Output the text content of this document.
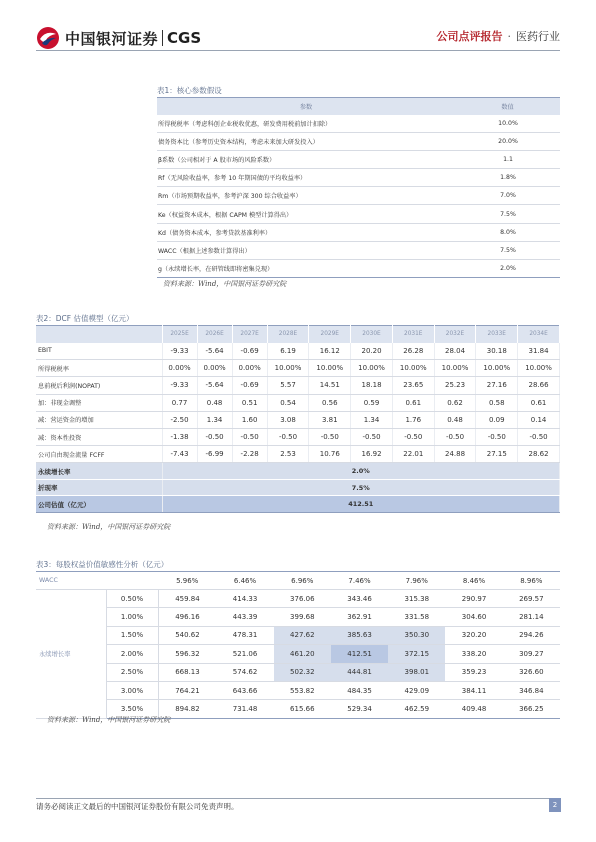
中国银河证券 CGS	公司点评报告 · 医药行业
表1：核心参数假设
参数	数值
所得税税率（考虑科创企业税收优惠，研发费用税前加计扣除）	10.0%
债务资本比（参考历史资本结构，考虑未来加大研发投入）	20.0%
β系数（公司相对于 A 股市场的风险系数）	1.1
Rf（无风险收益率，参考 10 年期国债的平均收益率）	1.8%
Rm（市场预期收益率，参考沪深 300 综合收益率）	7.0%
Ke（权益资本成本，根据 CAPM 模型计算得出）	7.5%
Kd（债务资本成本，参考贷款基准利率）	8.0%
WACC（根据上述参数计算得出）	7.5%
g（永续增长率，在研管线即将密集兑现）	2.0%
资料来源：Wind，中国银河证券研究院
表2：DCF 估值模型（亿元）
	2025E	2026E	2027E	2028E	2029E	2030E	2031E	2032E	2033E	2034E
EBIT	-9.33	-5.64	-0.69	6.19	16.12	20.20	26.28	28.04	30.18	31.84
所得税税率	0.00%	0.00%	0.00%	10.00%	10.00%	10.00%	10.00%	10.00%	10.00%	10.00%
息前税后利润(NOPAT)	-9.33	-5.64	-0.69	5.57	14.51	18.18	23.65	25.23	27.16	28.66
加：非现金调整	0.77	0.48	0.51	0.54	0.56	0.59	0.61	0.62	0.58	0.61
减：营运资金的增加	-2.50	1.34	1.60	3.08	3.81	1.34	1.76	0.48	0.09	0.14
减：资本性投资	-1.38	-0.50	-0.50	-0.50	-0.50	-0.50	-0.50	-0.50	-0.50	-0.50
公司自由现金流量 FCFF	-7.43	-6.99	-2.28	2.53	10.76	16.92	22.01	24.88	27.15	28.62
永续增长率	2.0%									
折现率	7.5%									
公司估值（亿元）	412.51									
资料来源：Wind，中国银河证券研究院
表3：每股权益价值敏感性分析（亿元）
WACC		5.96%	6.46%	6.96%	7.46%	7.96%	8.46%	8.96%
永续增长率	0.50%	459.84	414.33	376.06	343.46	315.38	290.97	269.57
	1.00%	496.16	443.39	399.68	362.91	331.58	304.60	281.14
	1.50%	540.62	478.31	427.62	385.63	350.30	320.20	294.26
	2.00%	596.32	521.06	461.20	412.51	372.15	338.20	309.27
	2.50%	668.13	574.62	502.32	444.81	398.01	359.23	326.60
	3.00%	764.21	643.66	553.82	484.35	429.09	384.11	346.84
	3.50%	894.82	731.48	615.66	529.34	462.59	409.48	366.25
资料来源：Wind，中国银河证券研究院
请务必阅读正文最后的中国银河证券股份有限公司免责声明。	2
